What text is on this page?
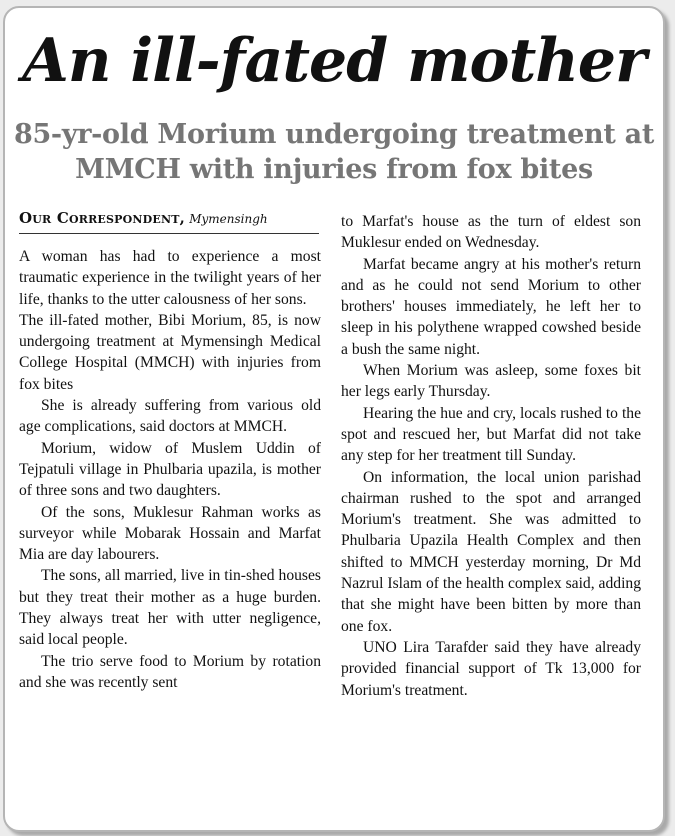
An ill-fated mother
85-yr-old Morium undergoing treatment at MMCH with injuries from fox bites
Our Correspondent, Mymensingh

A woman has had to experience a most traumatic experience in the twilight years of her life, thanks to the utter calousness of her sons.

The ill-fated mother, Bibi Morium, 85, is now undergoing treatment at Mymensingh Medical College Hospital (MMCH) with injuries from fox bites

She is already suffering from various old age complications, said doctors at MMCH.

Morium, widow of Muslem Uddin of Tejpatuli village in Phulbaria upazila, is mother of three sons and two daughters.

Of the sons, Muklesur Rahman works as surveyor while Mobarak Hossain and Marfat Mia are day labourers.

The sons, all married, live in tin-shed houses but they treat their mother as a huge burden. They always treat her with utter negligence, said local people.

The trio serve food to Morium by rotation and she was recently sent

to Marfat's house as the turn of eldest son Muklesur ended on Wednesday.

Marfat became angry at his mother's return and as he could not send Morium to other brothers' houses immediately, he left her to sleep in his polythene wrapped cowshed beside a bush the same night.

When Morium was asleep, some foxes bit her legs early Thursday.

Hearing the hue and cry, locals rushed to the spot and rescued her, but Marfat did not take any step for her treatment till Sunday.

On information, the local union parishad chairman rushed to the spot and arranged Morium's treatment. She was admitted to Phulbaria Upazila Health Complex and then shifted to MMCH yesterday morning, Dr Md Nazrul Islam of the health complex said, adding that she might have been bitten by more than one fox.

UNO Lira Tarafder said they have already provided financial support of Tk 13,000 for Morium's treatment.
